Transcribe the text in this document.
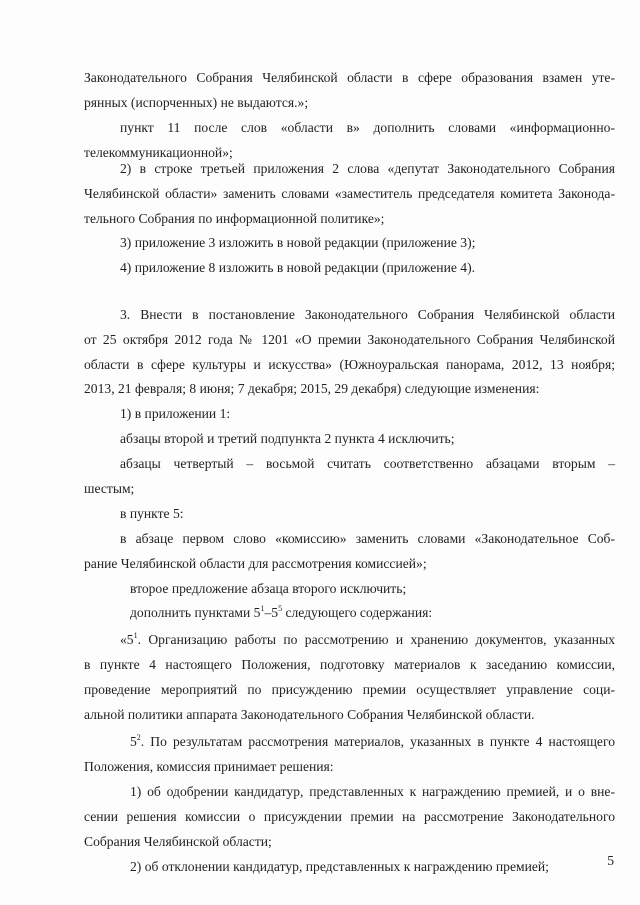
Законодательного Собрания Челябинской области в сфере образования взамен уте-
рянных (испорченных) не выдаются.»;
пункт 11 после слов «области в» дополнить словами «информационно-
телекоммуникационной»;
2) в строке третьей приложения 2 слова «депутат Законодательного Собрания
Челябинской области» заменить словами «заместитель председателя комитета Законода-
тельного Собрания по информационной политике»;
3) приложение 3 изложить в новой редакции (приложение 3);
4) приложение 8 изложить в новой редакции (приложение 4).
3. Внести в постановление Законодательного Собрания Челябинской области
от 25 октября 2012 года № 1201 «О премии Законодательного Собрания Челябинской
области в сфере культуры и искусства» (Южноуральская панорама, 2012, 13 ноября;
2013, 21 февраля; 8 июня; 7 декабря; 2015, 29 декабря) следующие изменения:
1) в приложении 1:
абзацы второй и третий подпункта 2 пункта 4 исключить;
абзацы четвертый – восьмой считать соответственно абзацами вторым –
шестым;
в пункте 5:
в абзаце первом слово «комиссию» заменить словами «Законодательное Соб-
рание Челябинской области для рассмотрения комиссией»;
второе предложение абзаца второго исключить;
дополнить пунктами $5^1-5^5$ следующего содержания:
«$5^1$. Организацию работы по рассмотрению и хранению документов, указанных
в пункте 4 настоящего Положения, подготовку материалов к заседанию комиссии,
проведение мероприятий по присуждению премии осуществляет управление соци-
альной политики аппарата Законодательного Собрания Челябинской области.
$5^2$. По результатам рассмотрения материалов, указанных в пункте 4 настоящего
Положения, комиссия принимает решения:
1) об одобрении кандидатур, представленных к награждению премией, и о вне-
сении решения комиссии о присуждении премии на рассмотрение Законодательного
Собрания Челябинской области;
2) об отклонении кандидатур, представленных к награждению премией;	5
